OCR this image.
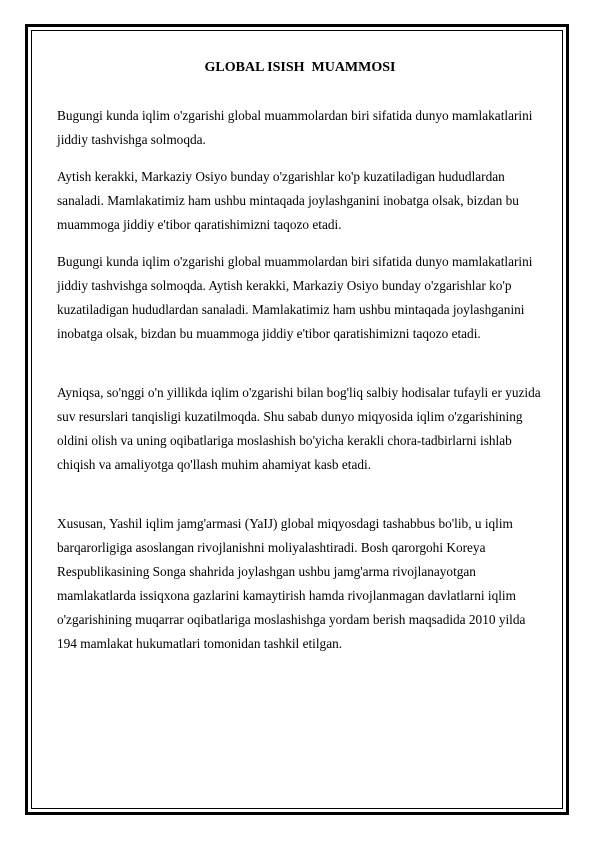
GLOBAL ISISH  MUAMMOSI

Bugungi kunda iqlim o'zgarishi global muammolardan biri sifatida dunyo mamlakatlarini jiddiy tashvishga solmoqda.

Aytish kerakki, Markaziy Osiyo bunday o'zgarishlar ko'p kuzatiladigan hududlardan sanaladi. Mamlakatimiz ham ushbu mintaqada joylashganini inobatga olsak, bizdan bu muammoga jiddiy e'tibor qaratishimizni taqozo etadi.

Bugungi kunda iqlim o'zgarishi global muammolardan biri sifatida dunyo mamlakatlarini jiddiy tashvishga solmoqda. Aytish kerakki, Markaziy Osiyo bunday o'zgarishlar ko'p kuzatiladigan hududlardan sanaladi. Mamlakatimiz ham ushbu mintaqada joylashganini inobatga olsak, bizdan bu muammoga jiddiy e'tibor qaratishimizni taqozo etadi.

Ayniqsa, so'nggi o'n yillikda iqlim o'zgarishi bilan bog'liq salbiy hodisalar tufayli er yuzida suv resurslari tanqisligi kuzatilmoqda. Shu sabab dunyo miqyosida iqlim o'zgarishining oldini olish va uning oqibatlariga moslashish bo'yicha kerakli chora-tadbirlarni ishlab chiqish va amaliyotga qo'llash muhim ahamiyat kasb etadi.

Xususan, Yashil iqlim jamg'armasi (YaIJ) global miqyosdagi tashabbus bo'lib, u iqlim barqarorligiga asoslangan rivojlanishni moliyalashtiradi. Bosh qarorgohi Koreya Respublikasining Songa shahrida joylashgan ushbu jamg'arma rivojlanayotgan mamlakatlarda issiqxona gazlarini kamaytirish hamda rivojlanmagan davlatlarni iqlim o'zgarishining muqarrar oqibatlariga moslashishga yordam berish maqsadida 2010 yilda 194 mamlakat hukumatlari tomonidan tashkil etilgan.
